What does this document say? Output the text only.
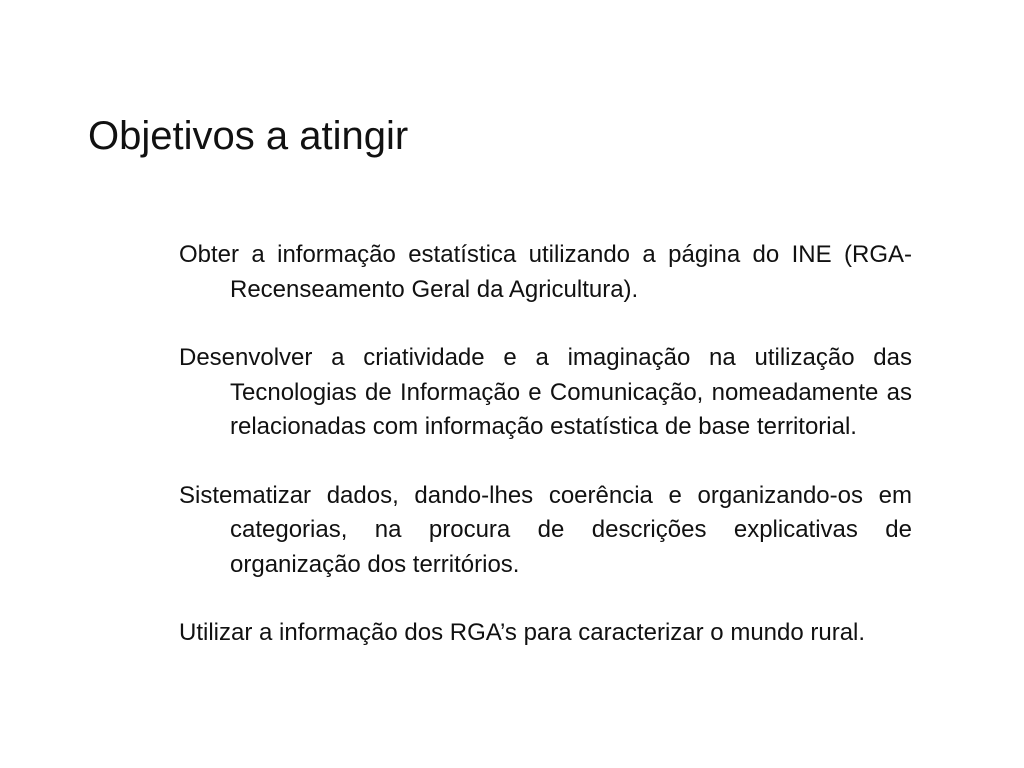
Objetivos a atingir
Obter a informação estatística utilizando a página do INE (RGA-Recenseamento Geral da Agricultura).
Desenvolver a criatividade e a imaginação na utilização das Tecnologias de Informação e Comunicação, nomeadamente as relacionadas com informação estatística de base territorial.
Sistematizar dados, dando-lhes coerência e organizando-os em categorias, na procura de descrições explicativas de organização dos territórios.
Utilizar a informação dos RGA’s para caracterizar o mundo rural.
